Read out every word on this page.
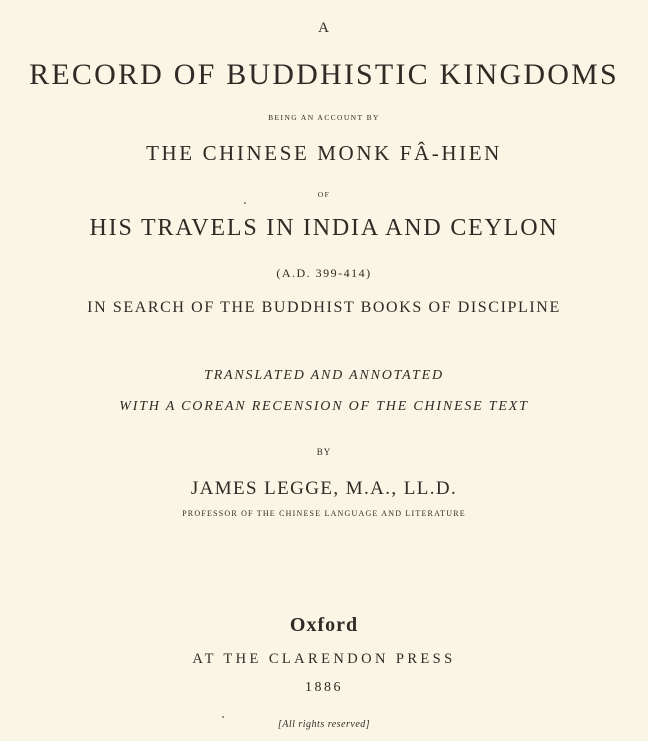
A
RECORD OF BUDDHISTIC KINGDOMS
BEING AN ACCOUNT BY
THE CHINESE MONK FÂ-HIEN
OF
HIS TRAVELS IN INDIA AND CEYLON
(A.D. 399-414)
IN SEARCH OF THE BUDDHIST BOOKS OF DISCIPLINE
TRANSLATED AND ANNOTATED
WITH A COREAN RECENSION OF THE CHINESE TEXT
BY
JAMES LEGGE, M.A., LL.D.
PROFESSOR OF THE CHINESE LANGUAGE AND LITERATURE
Oxford
AT THE CLARENDON PRESS
1886
[All rights reserved]
